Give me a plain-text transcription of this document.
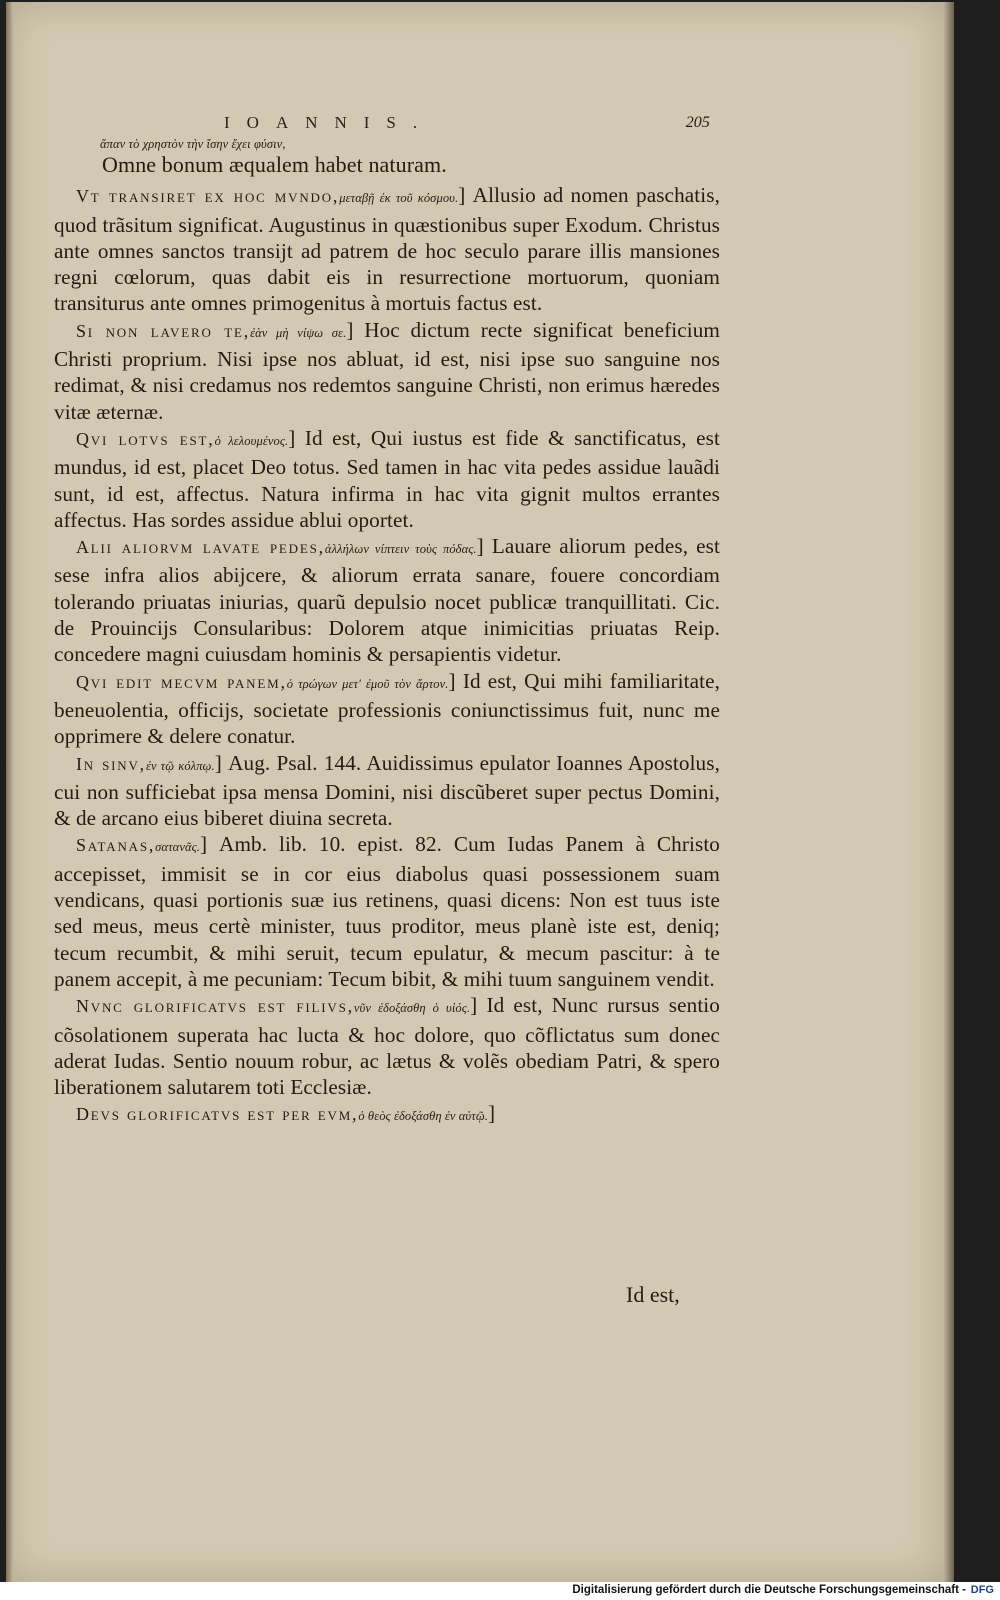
IOANNIS.	205
ἅπαν τὸ χρηστὸν τὴν ἴσην ἔχει φύσιν,
Omne bonum æqualem habet naturam.

Vt transiret ex hoc mvndo,μεταβῇ ἐκ τοῦ κόσμου.] Allusio ad nomen paschatis, quod trãsitum significat. Augustinus in quæstionibus super Exodum. Christus ante omnes sanctos transijt ad patrem de hoc seculo parare illis mansiones regni cœlorum, quas dabit eis in resurrectione mortuorum, quoniam transiturus ante omnes primogenitus à mortuis factus est.

Si non lavero te,ἐὰν μὴ νίψω σε.] Hoc dictum recte significat beneficium Christi proprium. Nisi ipse nos abluat, id est, nisi ipse suo sanguine nos redimat, & nisi credamus nos redemtos sanguine Christi, non erimus hæredes vitæ æternæ.

Qvi lotvs est,ὁ λελουμένος.] Id est, Qui iustus est fide & sanctificatus, est mundus, id est, placet Deo totus. Sed tamen in hac vita pedes assidue lauãdi sunt, id est, affectus. Natura infirma in hac vita gignit multos errantes affectus. Has sordes assidue ablui oportet.

Alii aliorvm lavate pedes,ἀλλήλων νίπτειν τοὺς πόδας.] Lauare aliorum pedes, est sese infra alios abijcere, & aliorum errata sanare, fouere concordiam tolerando priuatas iniurias, quarũ depulsio nocet publicæ tranquillitati. Cic. de Prouincijs Consularibus: Dolorem atque inimicitias priuatas Reip. concedere magni cuiusdam hominis & persapientis videtur.

Qvi edit mecvm panem,ὁ τρώγων μετ' ἐμοῦ τὸν ἄρτον.] Id est, Qui mihi familiaritate, beneuolentia, officijs, societate professionis coniunctissimus fuit, nunc me opprimere & delere conatur.

In sinv,ἐν τῷ κόλπῳ.] Aug. Psal. 144. Auidissimus epulator Ioannes Apostolus, cui non sufficiebat ipsa mensa Domini, nisi discũberet super pectus Domini, & de arcano eius biberet diuina secreta.

Satanas,σατανᾶς.] Amb. lib. 10. epist. 82. Cum Iudas Panem à Christo accepisset, immisit se in cor eius diabolus quasi possessionem suam vendicans, quasi portionis suæ ius retinens, quasi dicens: Non est tuus iste sed meus, meus certè minister, tuus proditor, meus planè iste est, deniq; tecum recumbit, & mihi seruit, tecum epulatur, & mecum pascitur: à te panem accepit, à me pecuniam: Tecum bibit, & mihi tuum sanguinem vendit.

Nvnc glorificatvs est filivs,νῦν ἐδοξάσθη ὁ υἱός.] Id est, Nunc rursus sentio cõsolationem superata hac lucta & hoc dolore, quo cõflictatus sum donec aderat Iudas. Sentio nouum robur, ac lætus & volẽs obediam Patri, & spero liberationem salutarem toti Ecclesiæ.

Devs glorificatvs est per evm,ὁ θεὸς ἐδοξάσθη ἐν αὐτῷ.]

Id est,
Digitalisierung gefördert durch die Deutsche Forschungsgemeinschaft - DFG
